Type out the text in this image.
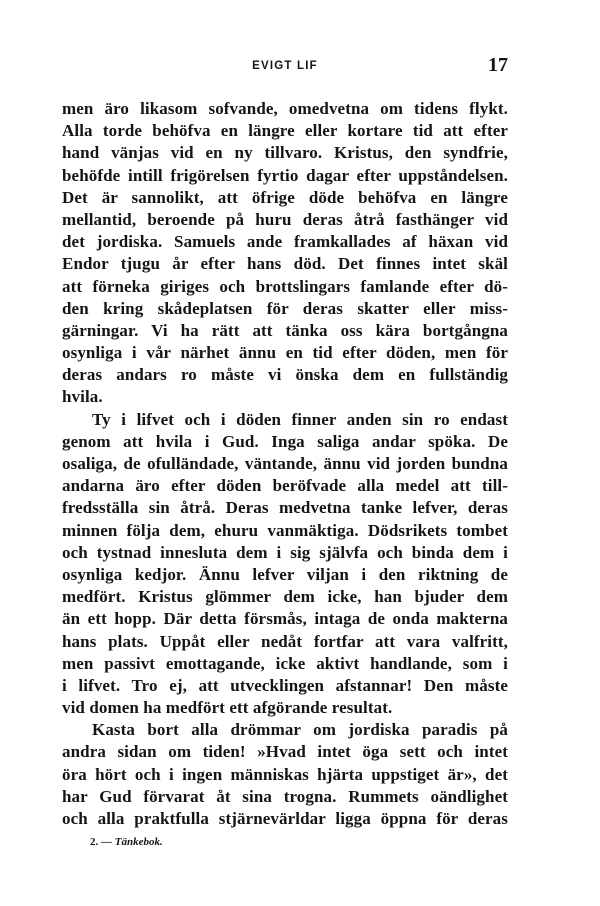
EVIGT LIF	17
men äro likasom sofvande, omedvetna om tidens flykt.
Alla torde behöfva en längre eller kortare tid att efter
hand vänjas vid en ny tillvaro. Kristus, den syndfrie,
behöfde intill frigörelsen fyrtio dagar efter uppståndelsen.
Det är sannolikt, att öfrige döde behöfva en längre
mellantid, beroende på huru deras åtrå fasthänger vid
det jordiska. Samuels ande framkallades af häxan vid
Endor tjugu år efter hans död. Det finnes intet skäl
att förneka giriges och brottslingars famlande efter dö-
den kring skådeplatsen för deras skatter eller miss-
gärningar. Vi ha rätt att tänka oss kära bortgångna
osynliga i vår närhet ännu en tid efter döden, men för
deras andars ro måste vi önska dem en fullständig
hvila.
Ty i lifvet och i döden finner anden sin ro endast
genom att hvila i Gud. Inga saliga andar spöka. De
osaliga, de ofulländade, väntande, ännu vid jorden bundna
andarna äro efter döden beröfvade alla medel att till-
fredsställa sin åtrå. Deras medvetna tanke lefver, deras
minnen följa dem, ehuru vanmäktiga. Dödsrikets tombet
och tystnad innesluta dem i sig självfa och binda dem i
osynliga kedjor. Ännu lefver viljan i den riktning de
medfört. Kristus glömmer dem icke, han bjuder dem
än ett hopp. Där detta försmås, intaga de onda makterna
hans plats. Uppåt eller nedåt fortfar att vara valfritt,
men passivt emottagande, icke aktivt handlande, som i
i lifvet. Tro ej, att utvecklingen afstannar! Den måste
vid domen ha medfört ett afgörande resultat.
Kasta bort alla drömmar om jordiska paradis på
andra sidan om tiden! »Hvad intet öga sett och intet
öra hört och i ingen människas hjärta uppstiget är», det
har Gud förvarat åt sina trogna. Rummets oändlighet
och alla praktfulla stjärnevärldar ligga öppna för deras
2. — Tänkebok.
